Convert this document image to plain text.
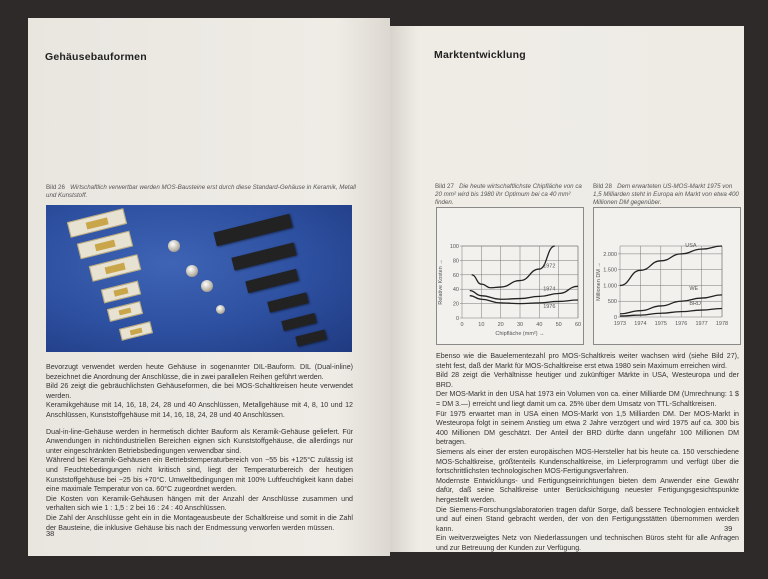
Gehäusebauformen
Bild 26 Wirtschaftlich verwertbar werden MOS-Bausteine erst durch diese Standard-Gehäuse in Keramik, Metall und Kunststoff.

Bevorzugt verwendet werden heute Gehäuse in sogenannter DIL-Bauform. DIL (Dual-inline) bezeichnet die Anordnung der Anschlüsse, die in zwei parallelen Reihen geführt werden.

Bild 26 zeigt die gebräuchlichsten Gehäuseformen, die bei MOS-Schaltkreisen heute verwendet werden.

Keramikgehäuse mit 14, 16, 18, 24, 28 und 40 Anschlüssen, Metallgehäuse mit 4, 8, 10 und 12 Anschlüssen, Kunststoffgehäuse mit 14, 16, 18, 24, 28 und 40 Anschlüssen.

Dual-in-line-Gehäuse werden in hermetisch dichter Bauform als Keramik-Gehäuse geliefert. Für Anwendungen in nichtindustriellen Bereichen eignen sich Kunststoffgehäuse, die allerdings nur unter eingeschränkten Betriebsbedingungen verwendbar sind.

Während bei Keramik-Gehäusen ein Betriebstemperaturbereich von −55 bis +125°C zulässig ist und Feuchtebedingungen nicht kritisch sind, liegt der Temperaturbereich der heutigen Kunststoffgehäuse bei −25 bis +70°C. Umweltbedingungen mit 100% Luftfeuchtigkeit kann dabei eine maximale Temperatur von ca. 60°C zugeordnet werden.

Die Kosten von Keramik-Gehäusen hängen mit der Anzahl der Anschlüsse zusammen und verhalten sich wie 1 : 1,5 : 2 bei 16 : 24 : 40 Anschlüssen.

Die Zahl der Anschlüsse geht ein in die Montageausbeute der Schaltkreise und somit in die Zahl der Bausteine, die inklusive Gehäuse bis nach der Endmessung verworfen werden müssen.

38
Marktentwicklung
Bild 27 Die heute wirtschaftlichste Chipfläche von ca 20 mm² wird bis 1980 ihr Optimum bei ca 40 mm² finden.
Bild 28 Dem erwarteten US-MOS-Markt 1975 von 1,5 Milliarden steht in Europa ein Markt von etwa 400 Millionen DM gegenüber.
0	10 20 30 40 50 60
0
20
40
60
80
100
Chipfläche (mm²) →
Relative Kosten →	1972
1974
1976
1973 1974 1975 1976 1977 1978
0
500
1.000
1.500
2.000
Millionen DM →
USA
WE
BRD

Ebenso wie die Bauelementezahl pro MOS-Schaltkreis weiter wachsen wird (siehe Bild 27), steht fest, daß der Markt für MOS-Schaltkreise erst etwa 1980 sein Maximum erreichen wird.

Bild 28 zeigt die Verhältnisse heutiger und zukünftiger Märkte in USA, Westeuropa und der BRD.

Der MOS-Markt in den USA hat 1973 ein Volumen von ca. einer Milliarde DM (Umrechnung: 1 $ = DM 3.—) erreicht und liegt damit um ca. 25% über dem Umsatz von TTL-Schaltkreisen.

Für 1975 erwartet man in USA einen MOS-Markt von 1,5 Milliarden DM. Der MOS-Markt in Westeuropa folgt in seinem Anstieg um etwa 2 Jahre verzögert und wird 1975 auf ca. 300 bis 400 Millionen DM geschätzt. Der Anteil der BRD dürfte dann ungefähr 100 Millionen DM betragen.

Siemens als einer der ersten europäischen MOS-Hersteller hat bis heute ca. 150 verschiedene MOS-Schaltkreise, größtenteils Kundenschaltkreise, im Lieferprogramm und verfügt über die fortschrittlichsten technologischen MOS-Fertigungsverfahren.

Modernste Entwicklungs- und Fertigungseinrichtungen bieten dem Anwender eine Gewähr dafür, daß seine Schaltkreise unter Berücksichtigung neuester Fertigungsgesichtspunkte hergestellt werden.

Die Siemens-Forschungslaboratorien tragen dafür Sorge, daß bessere Technologien entwickelt und auf einen Stand gebracht werden, der von den Fertigungsstätten übernommen werden kann.

Ein weitverzweigtes Netz von Niederlassungen und technischen Büros steht für alle Anfragen und zur Betreuung der Kunden zur Verfügung.

39
